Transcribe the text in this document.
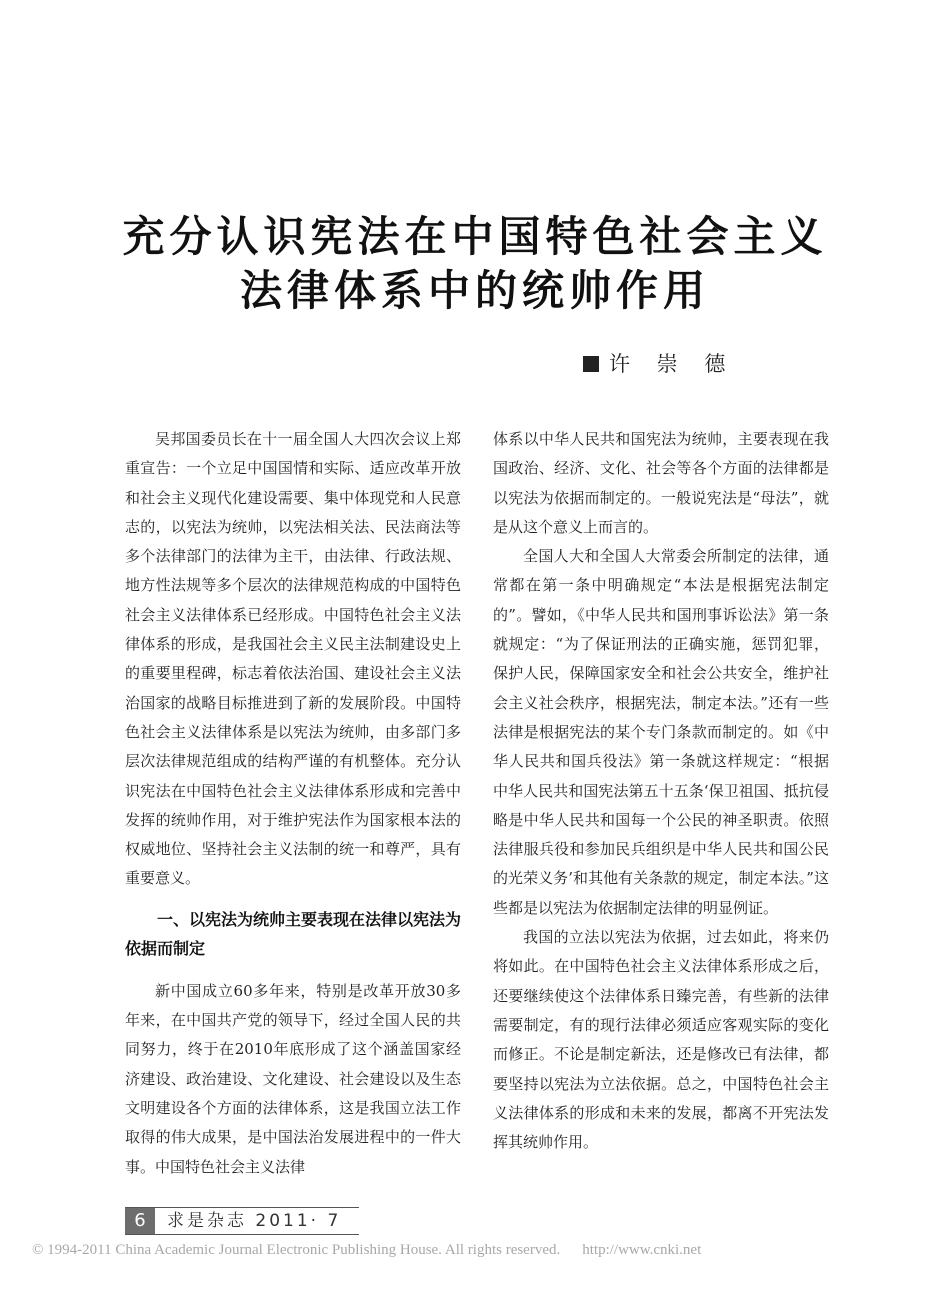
充分认识宪法在中国特色社会主义
法律体系中的统帅作用
许 崇 德

吴邦国委员长在十一届全国人大四次会议上郑重宣告：一个立足中国国情和实际、适应改革开放和社会主义现代化建设需要、集中体现党和人民意志的，以宪法为统帅，以宪法相关法、民法商法等多个法律部门的法律为主干，由法律、行政法规、地方性法规等多个层次的法律规范构成的中国特色社会主义法律体系已经形成。中国特色社会主义法律体系的形成，是我国社会主义民主法制建设史上的重要里程碑，标志着依法治国、建设社会主义法治国家的战略目标推进到了新的发展阶段。中国特色社会主义法律体系是以宪法为统帅，由多部门多层次法律规范组成的结构严谨的有机整体。充分认识宪法在中国特色社会主义法律体系形成和完善中发挥的统帅作用，对于维护宪法作为国家根本法的权威地位、坚持社会主义法制的统一和尊严，具有重要意义。

一、以宪法为统帅主要表现在法律以宪法为依据而制定

新中国成立60多年来，特别是改革开放30多年来，在中国共产党的领导下，经过全国人民的共同努力，终于在2010年底形成了这个涵盖国家经济建设、政治建设、文化建设、社会建设以及生态文明建设各个方面的法律体系，这是我国立法工作取得的伟大成果，是中国法治发展进程中的一件大事。中国特色社会主义法律

体系以中华人民共和国宪法为统帅，主要表现在我国政治、经济、文化、社会等各个方面的法律都是以宪法为依据而制定的。一般说宪法是“母法”，就是从这个意义上而言的。

全国人大和全国人大常委会所制定的法律，通常都在第一条中明确规定“本法是根据宪法制定的”。譬如，《中华人民共和国刑事诉讼法》第一条就规定：“为了保证刑法的正确实施，惩罚犯罪，保护人民，保障国家安全和社会公共安全，维护社会主义社会秩序，根据宪法，制定本法。”还有一些法律是根据宪法的某个专门条款而制定的。如《中华人民共和国兵役法》第一条就这样规定：“根据中华人民共和国宪法第五十五条‘保卫祖国、抵抗侵略是中华人民共和国每一个公民的神圣职责。依照法律服兵役和参加民兵组织是中华人民共和国公民的光荣义务’和其他有关条款的规定，制定本法。”这些都是以宪法为依据制定法律的明显例证。

我国的立法以宪法为依据，过去如此，将来仍将如此。在中国特色社会主义法律体系形成之后，还要继续使这个法律体系日臻完善，有些新的法律需要制定，有的现行法律必须适应客观实际的变化而修正。不论是制定新法，还是修改已有法律，都要坚持以宪法为立法依据。总之，中国特色社会主义法律体系的形成和未来的发展，都离不开宪法发挥其统帅作用。

6	求是杂志 2011· 7
© 1994-2011 China Academic Journal Electronic Publishing House. All rights reserved. http://www.cnki.net
